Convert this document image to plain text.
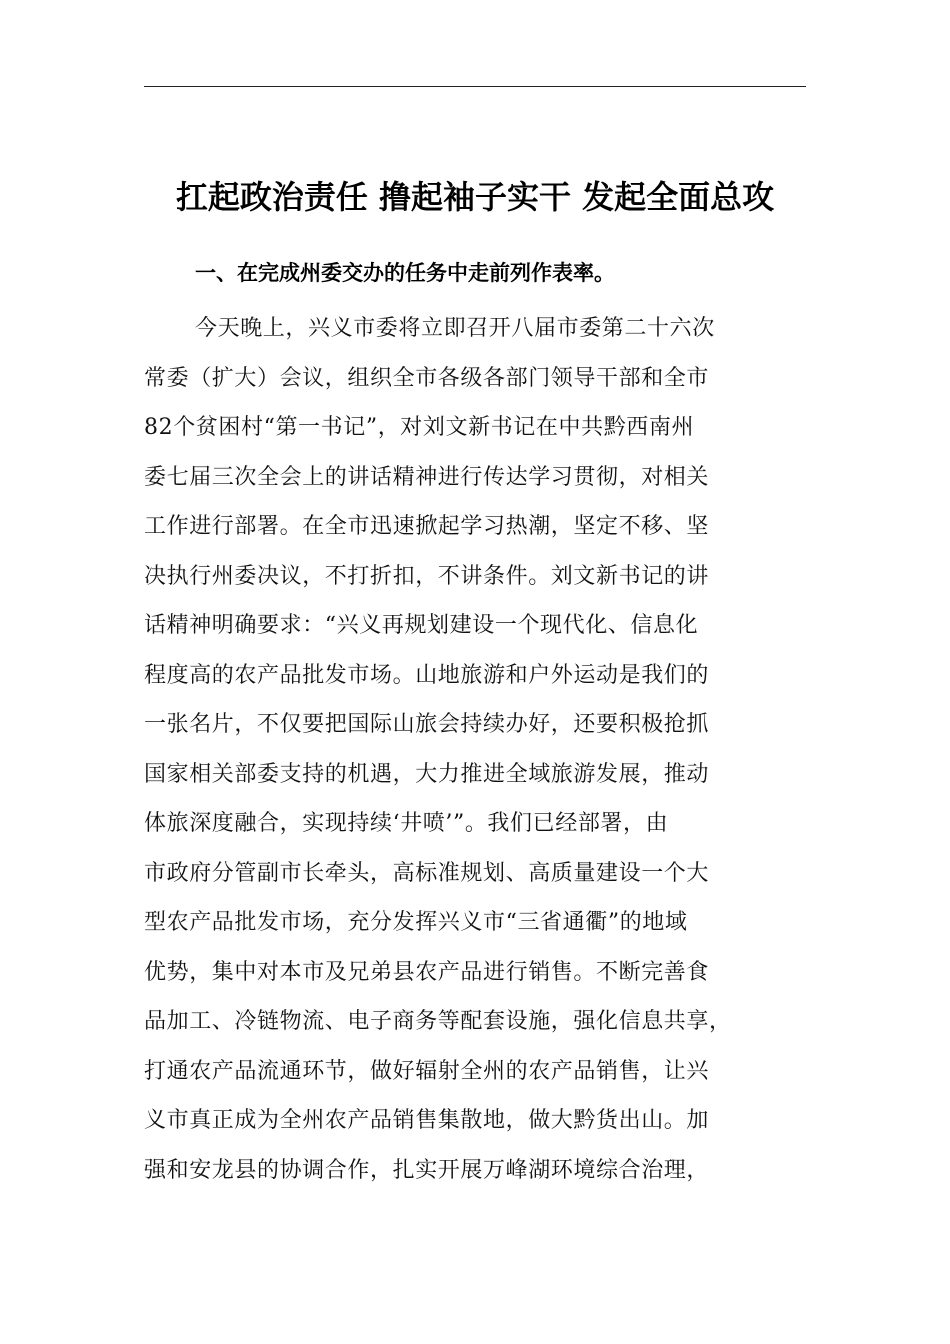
扛起政治责任 撸起袖子实干 发起全面总攻
一、在完成州委交办的任务中走前列作表率。
今天晚上，兴义市委将立即召开八届市委第二十六次
常委（扩大）会议，组织全市各级各部门领导干部和全市
82个贫困村“第一书记”，对刘文新书记在中共黔西南州
委七届三次全会上的讲话精神进行传达学习贯彻，对相关
工作进行部署。在全市迅速掀起学习热潮，坚定不移、坚
决执行州委决议，不打折扣，不讲条件。刘文新书记的讲
话精神明确要求：“兴义再规划建设一个现代化、信息化
程度高的农产品批发市场。山地旅游和户外运动是我们的
一张名片，不仅要把国际山旅会持续办好，还要积极抢抓
国家相关部委支持的机遇，大力推进全域旅游发展，推动
体旅深度融合，实现持续‘井喷’”。我们已经部署，由
市政府分管副市长牵头，高标准规划、高质量建设一个大
型农产品批发市场，充分发挥兴义市“三省通衢”的地域
优势，集中对本市及兄弟县农产品进行销售。不断完善食
品加工、冷链物流、电子商务等配套设施，强化信息共享，
打通农产品流通环节，做好辐射全州的农产品销售，让兴
义市真正成为全州农产品销售集散地，做大黔货出山。加
强和安龙县的协调合作，扎实开展万峰湖环境综合治理，
